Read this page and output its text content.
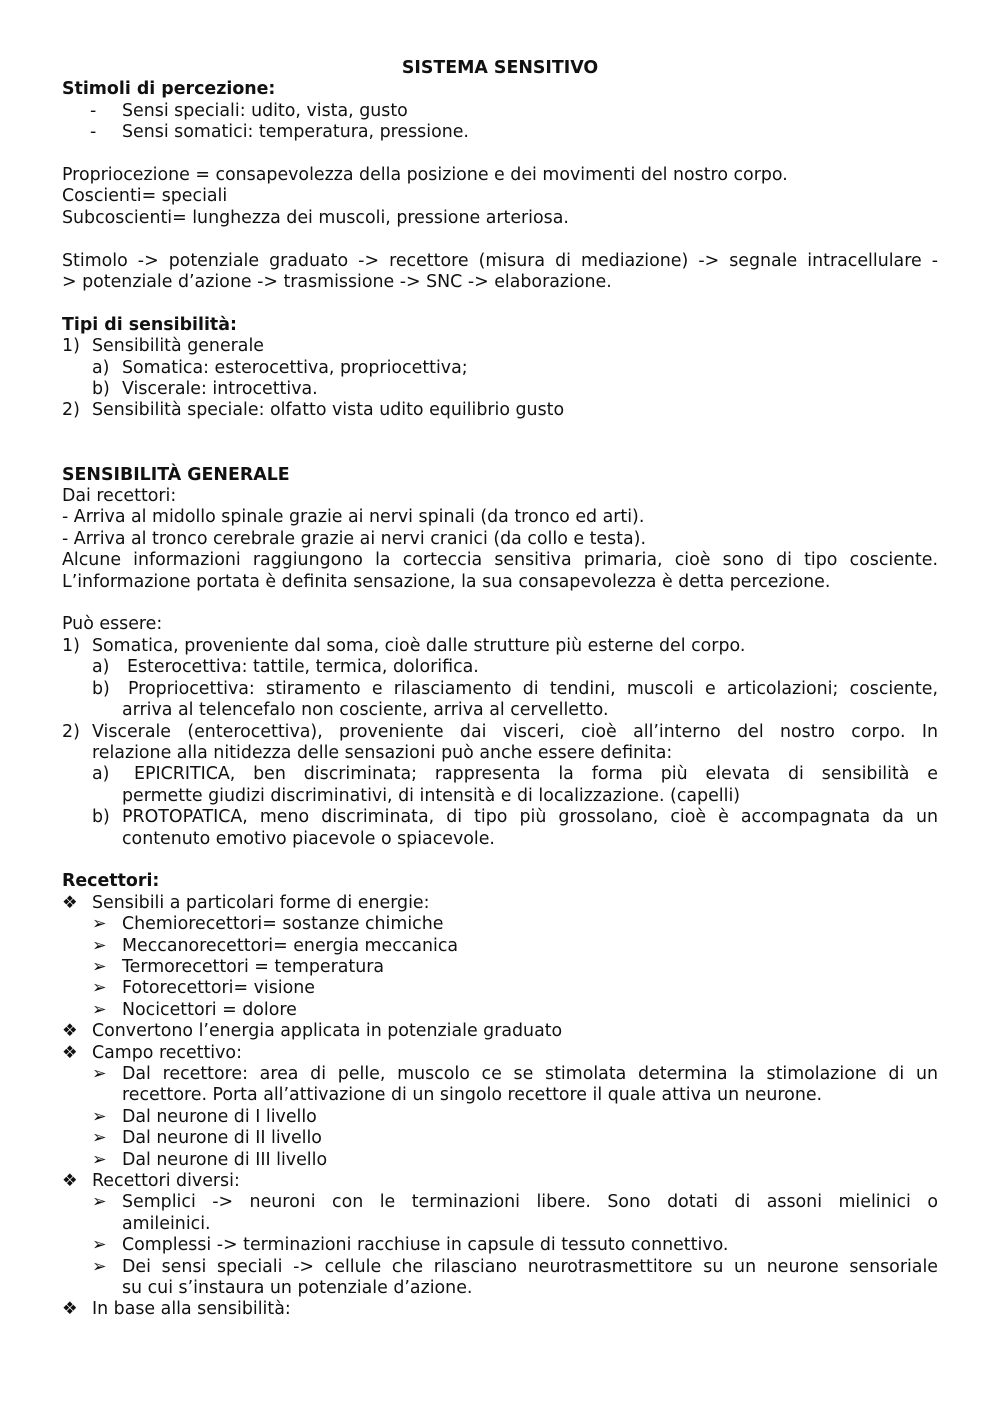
SISTEMA SENSITIVO
Stimoli di percezione:
-	Sensi speciali: udito, vista, gusto
-	Sensi somatici: temperatura, pressione.
Propriocezione = consapevolezza della posizione e dei movimenti del nostro corpo.
Coscienti= speciali
Subcoscienti= lunghezza dei muscoli, pressione arteriosa.
Stimolo -> potenziale graduato -> recettore (misura di mediazione) -> segnale intracellulare -
> potenziale d’azione -> trasmissione -> SNC -> elaborazione.
Tipi di sensibilità:
1) Sensibilità generale
a) Somatica: esterocettiva, propriocettiva;
b) Viscerale: introcettiva.
2) Sensibilità speciale: olfatto vista udito equilibrio gusto
SENSIBILITÀ GENERALE
Dai recettori:
- Arriva al midollo spinale grazie ai nervi spinali (da tronco ed arti).
- Arriva al tronco cerebrale grazie ai nervi cranici (da collo e testa).
Alcune informazioni raggiungono la corteccia sensitiva primaria, cioè sono di tipo cosciente.
L’informazione portata è definita sensazione, la sua consapevolezza è detta percezione.
Può essere:
1) Somatica, proveniente dal soma, cioè dalle strutture più esterne del corpo.
a)	Esterocettiva: tattile, termica, dolorifica.
b)	Propriocettiva: stiramento e rilasciamento di tendini, muscoli e articolazioni; cosciente,
arriva al telencefalo non cosciente, arriva al cervelletto.
2) Viscerale (enterocettiva), proveniente dai visceri, cioè all’interno del nostro corpo. In
relazione alla nitidezza delle sensazioni può anche essere definita:
a)	EPICRITICA, ben discriminata; rappresenta la forma più elevata di sensibilità e
permette giudizi discriminativi, di intensità e di localizzazione. (capelli)
b) PROTOPATICA, meno discriminata, di tipo più grossolano, cioè è accompagnata da un
contenuto emotivo piacevole o spiacevole.
Recettori:
❖ Sensibili a particolari forme di energie:
➢ Chemiorecettori= sostanze chimiche
➢ Meccanorecettori= energia meccanica
➢ Termorecettori = temperatura
➢ Fotorecettori= visione
➢ Nocicettori = dolore
❖ Convertono l’energia applicata in potenziale graduato
❖ Campo recettivo:
➢ Dal recettore: area di pelle, muscolo ce se stimolata determina la stimolazione di un
recettore. Porta all’attivazione di un singolo recettore il quale attiva un neurone.
➢ Dal neurone di I livello
➢ Dal neurone di II livello
➢ Dal neurone di III livello
❖ Recettori diversi:
➢ Semplici -> neuroni con le terminazioni libere. Sono dotati di assoni mielinici o
amileinici.
➢ Complessi -> terminazioni racchiuse in capsule di tessuto connettivo.
➢ Dei sensi speciali -> cellule che rilasciano neurotrasmettitore su un neurone sensoriale
su cui s’instaura un potenziale d’azione.
❖ In base alla sensibilità:
